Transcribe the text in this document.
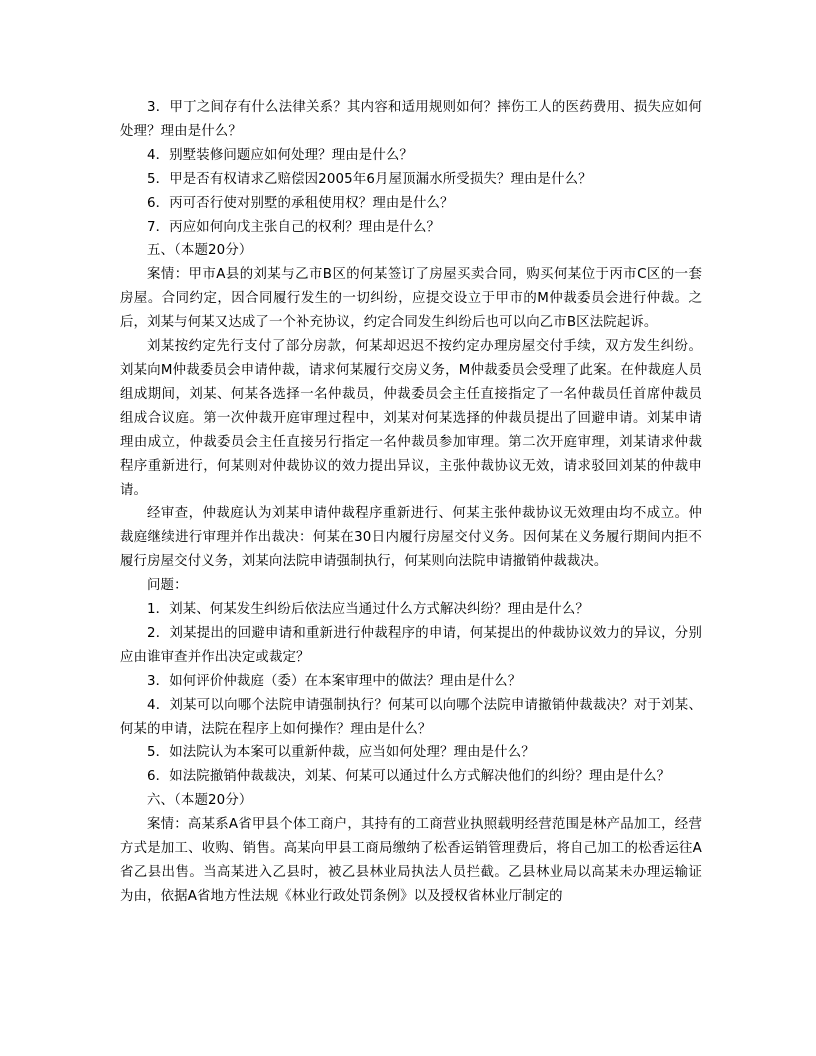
3．甲丁之间存有什么法律关系？其内容和适用规则如何？摔伤工人的医药费用、损失应如何处理？理由是什么？

4．别墅装修问题应如何处理？理由是什么？

5．甲是否有权请求乙赔偿因2005年6月屋顶漏水所受损失？理由是什么？

6．丙可否行使对别墅的承租使用权？理由是什么？

7．丙应如何向戊主张自己的权利？理由是什么？

五、（本题20分）

案情：甲市A县的刘某与乙市B区的何某签订了房屋买卖合同，购买何某位于丙市C区的一套房屋。合同约定，因合同履行发生的一切纠纷，应提交设立于甲市的M仲裁委员会进行仲裁。之后，刘某与何某又达成了一个补充协议，约定合同发生纠纷后也可以向乙市B区法院起诉。

刘某按约定先行支付了部分房款，何某却迟迟不按约定办理房屋交付手续，双方发生纠纷。刘某向M仲裁委员会申请仲裁，请求何某履行交房义务，M仲裁委员会受理了此案。在仲裁庭人员组成期间，刘某、何某各选择一名仲裁员，仲裁委员会主任直接指定了一名仲裁员任首席仲裁员组成合议庭。第一次仲裁开庭审理过程中，刘某对何某选择的仲裁员提出了回避申请。刘某申请理由成立，仲裁委员会主任直接另行指定一名仲裁员参加审理。第二次开庭审理，刘某请求仲裁程序重新进行，何某则对仲裁协议的效力提出异议，主张仲裁协议无效，请求驳回刘某的仲裁申请。

经审查，仲裁庭认为刘某申请仲裁程序重新进行、何某主张仲裁协议无效理由均不成立。仲裁庭继续进行审理并作出裁决：何某在30日内履行房屋交付义务。因何某在义务履行期间内拒不履行房屋交付义务，刘某向法院申请强制执行，何某则向法院申请撤销仲裁裁决。

问题：

1．刘某、何某发生纠纷后依法应当通过什么方式解决纠纷？理由是什么？

2．刘某提出的回避申请和重新进行仲裁程序的申请，何某提出的仲裁协议效力的异议，分别应由谁审查并作出决定或裁定？

3．如何评价仲裁庭（委）在本案审理中的做法？理由是什么？

4．刘某可以向哪个法院申请强制执行？何某可以向哪个法院申请撤销仲裁裁决？对于刘某、何某的申请，法院在程序上如何操作？理由是什么？

5．如法院认为本案可以重新仲裁，应当如何处理？理由是什么？

6．如法院撤销仲裁裁决，刘某、何某可以通过什么方式解决他们的纠纷？理由是什么？

六、（本题20分）

案情：高某系A省甲县个体工商户，其持有的工商营业执照载明经营范围是林产品加工，经营方式是加工、收购、销售。高某向甲县工商局缴纳了松香运销管理费后，将自己加工的松香运往A省乙县出售。当高某进入乙县时，被乙县林业局执法人员拦截。乙县林业局以高某未办理运输证为由，依据A省地方性法规《林业行政处罚条例》以及授权省林业厅制定的
